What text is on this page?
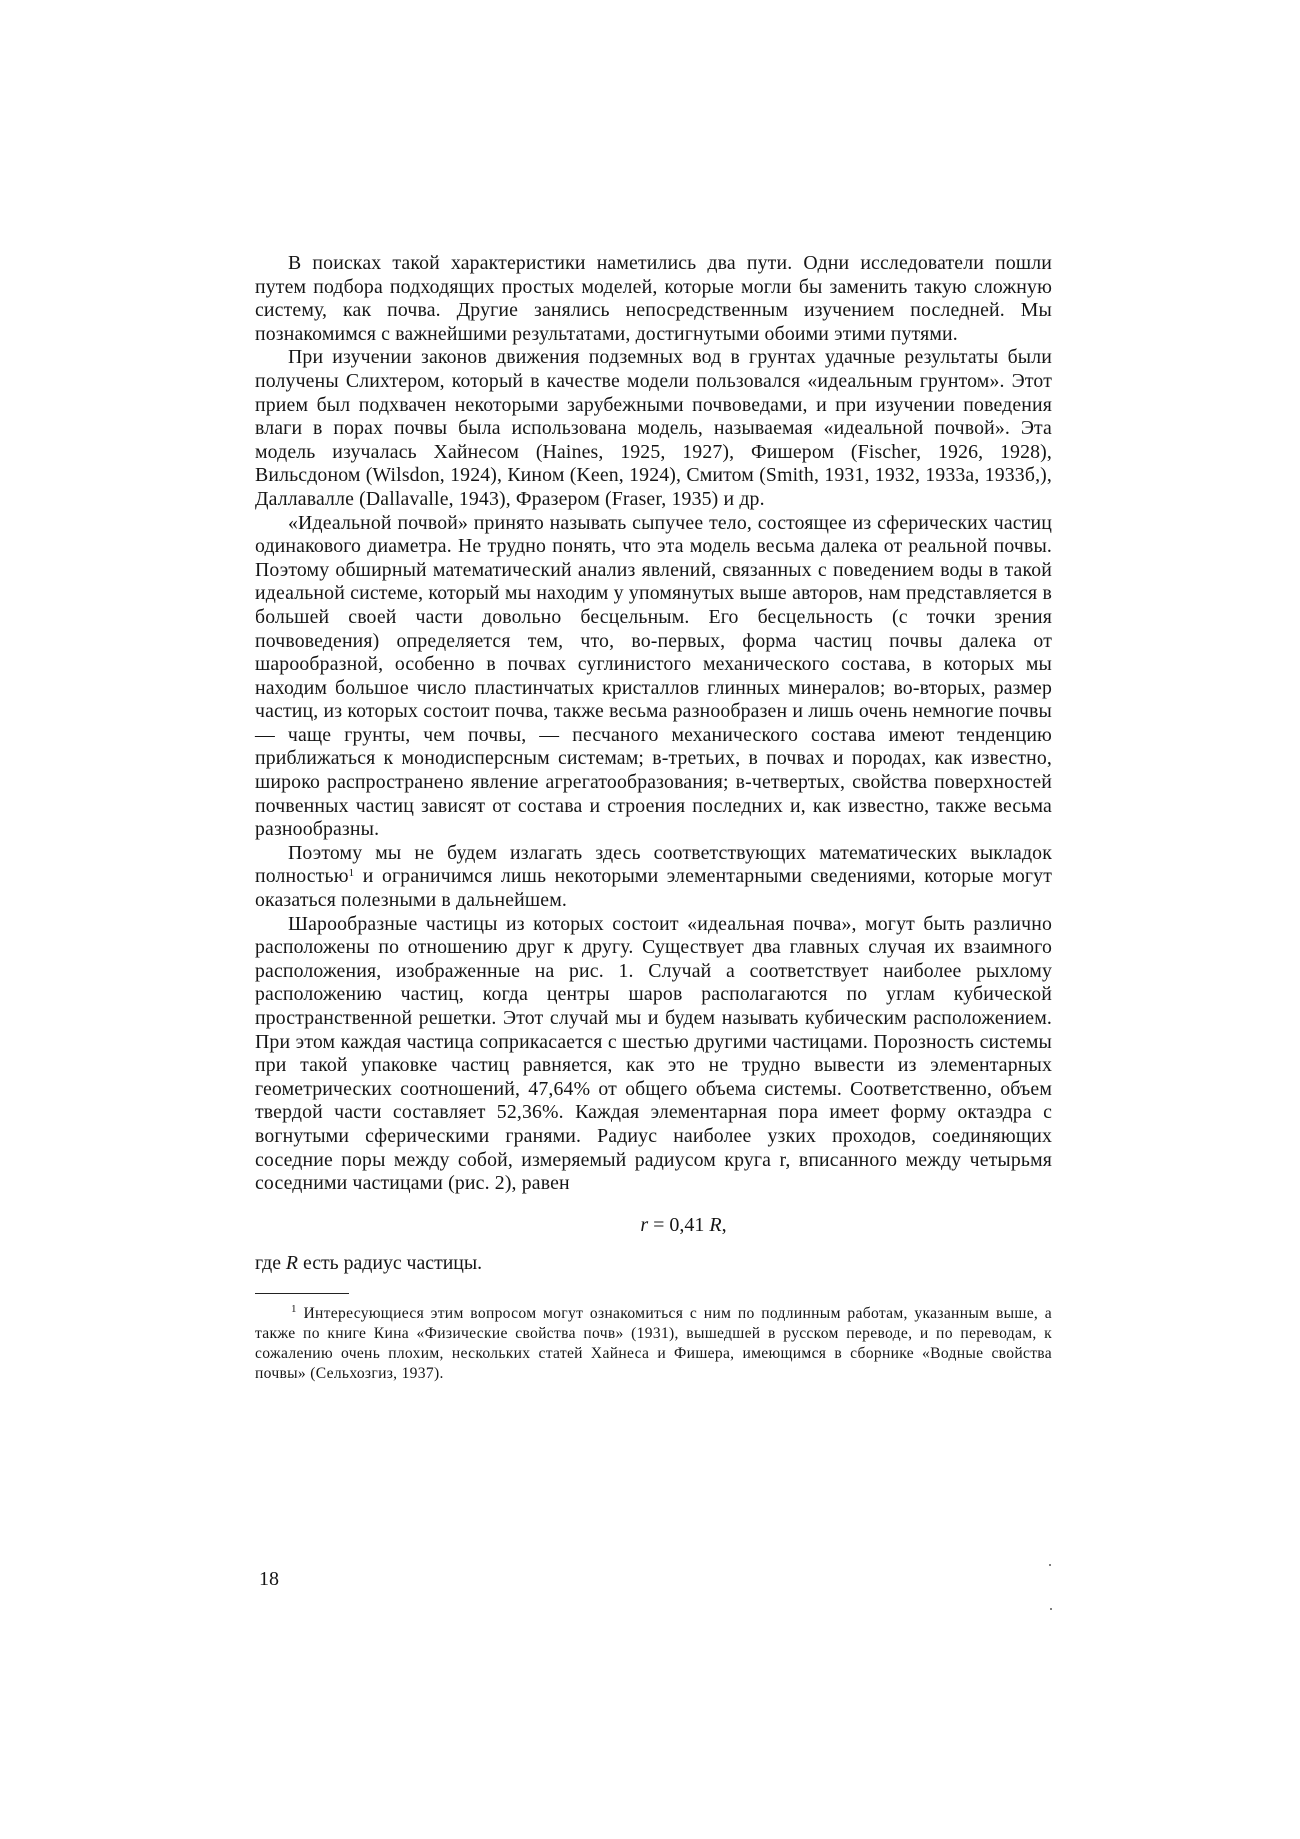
В поисках такой характеристики наметились два пути. Одни исследователи пошли путем подбора подходящих простых моделей, которые могли бы заменить такую сложную систему, как почва. Другие занялись непосредственным изучением последней. Мы познакомимся с важнейшими результатами, достигнутыми обоими этими путями.

При изучении законов движения подземных вод в грунтах удачные результаты были получены Слихтером, который в качестве модели пользовался «идеальным грунтом». Этот прием был подхвачен некоторыми зарубежными почвоведами, и при изучении поведения влаги в порах почвы была использована модель, называемая «идеальной почвой». Эта модель изучалась Хайнесом (Haines, 1925, 1927), Фишером (Fischer, 1926, 1928), Вильсдоном (Wilsdon, 1924), Кином (Keen, 1924), Смитом (Smith, 1931, 1932, 1933а, 1933б,), Даллавалле (Dallavalle, 1943), Фразером (Fraser, 1935) и др.

«Идеальной почвой» принято называть сыпучее тело, состоящее из сферических частиц одинакового диаметра. Не трудно понять, что эта модель весьма далека от реальной почвы. Поэтому обширный математический анализ явлений, связанных с поведением воды в такой идеальной системе, который мы находим у упомянутых выше авторов, нам представляется в большей своей части довольно бесцельным. Его бесцельность (с точки зрения почвоведения) определяется тем, что, во-первых, форма частиц почвы далека от шарообразной, особенно в почвах суглинистого механического состава, в которых мы находим большое число пластинчатых кристаллов глинных минералов; во-вторых, размер частиц, из которых состоит почва, также весьма разнообразен и лишь очень немногие почвы — чаще грунты, чем почвы, — песчаного механического состава имеют тенденцию приближаться к монодисперсным системам; в-третьих, в почвах и породах, как известно, широко распространено явление агрегатообразования; в-четвертых, свойства поверхностей почвенных частиц зависят от состава и строения последних и, как известно, также весьма разнообразны.

Поэтому мы не будем излагать здесь соответствующих математических выкладок полностью$^1$ и ограничимся лишь некоторыми элементарными сведениями, которые могут оказаться полезными в дальнейшем.

Шарообразные частицы из которых состоит «идеальная почва», могут быть различно расположены по отношению друг к другу. Существует два главных случая их взаимного расположения, изображенные на рис. 1. Случай а соответствует наиболее рыхлому расположению частиц, когда центры шаров располагаются по углам кубической пространственной решетки. Этот случай мы и будем называть кубическим расположением. При этом каждая частица соприкасается с шестью другими частицами. Порозность системы при такой упаковке частиц равняется, как это не трудно вывести из элементарных геометрических соотношений, 47,64% от общего объема системы. Соответственно, объем твердой части составляет 52,36%. Каждая элементарная пора имеет форму октаэдра с вогнутыми сферическими гранями. Радиус наиболее узких проходов, соединяющих соседние поры между собой, измеряемый радиусом круга r, вписанного между четырьмя соседними частицами (рис. 2), равен

r = 0,41 R,

где R есть радиус частицы.

$^1$ Интересующиеся этим вопросом могут ознакомиться с ним по подлинным работам, указанным выше, а также по книге Кина «Физические свойства почв» (1931), вышедшей в русском переводе, и по переводам, к сожалению очень плохим, нескольких статей Хайнеса и Фишера, имеющимся в сборнике «Водные свойства почвы» (Сельхозгиз, 1937).

18
